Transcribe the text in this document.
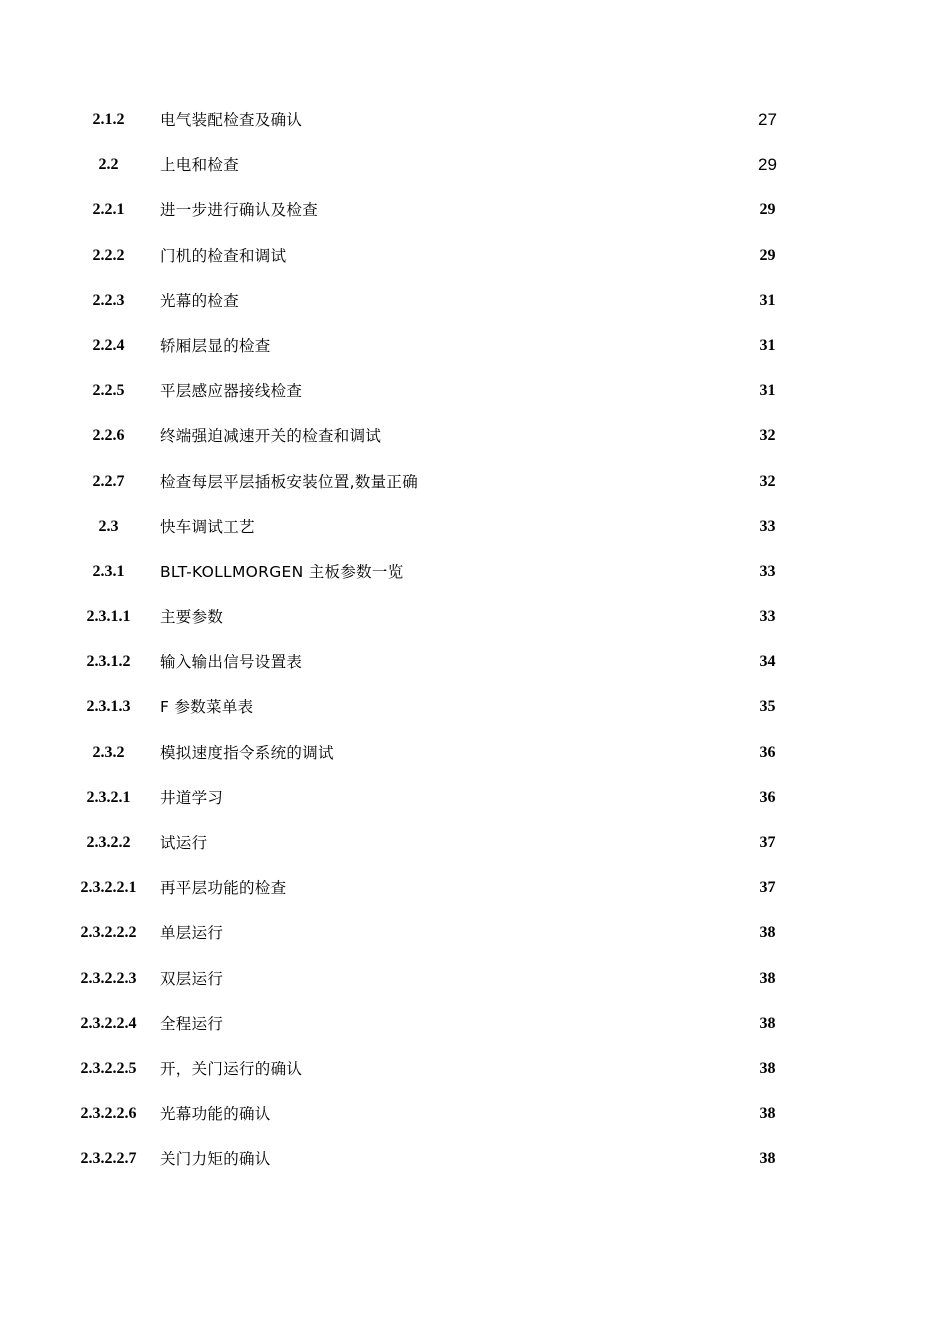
2.1.2	电气装配检查及确认	27
2.2	上电和检查	29
2.2.1	进一步进行确认及检查	29
2.2.2	门机的检查和调试	29
2.2.3	光幕的检查	31
2.2.4	轿厢层显的检查	31
2.2.5	平层感应器接线检查	31
2.2.6	终端强迫减速开关的检查和调试	32
2.2.7	检查每层平层插板安装位置,数量正确	32
2.3	快车调试工艺	33
2.3.1	BLT-KOLLMORGEN 主板参数一览	33
2.3.1.1	主要参数	33
2.3.1.2	输入输出信号设置表	34
2.3.1.3	F 参数菜单表	35
2.3.2	模拟速度指令系统的调试	36
2.3.2.1	井道学习	36
2.3.2.2	试运行	37
2.3.2.2.1	再平层功能的检查	37
2.3.2.2.2	单层运行	38
2.3.2.2.3	双层运行	38
2.3.2.2.4	全程运行	38
2.3.2.2.5	开，关门运行的确认	38
2.3.2.2.6	光幕功能的确认	38
2.3.2.2.7	关门力矩的确认	38
